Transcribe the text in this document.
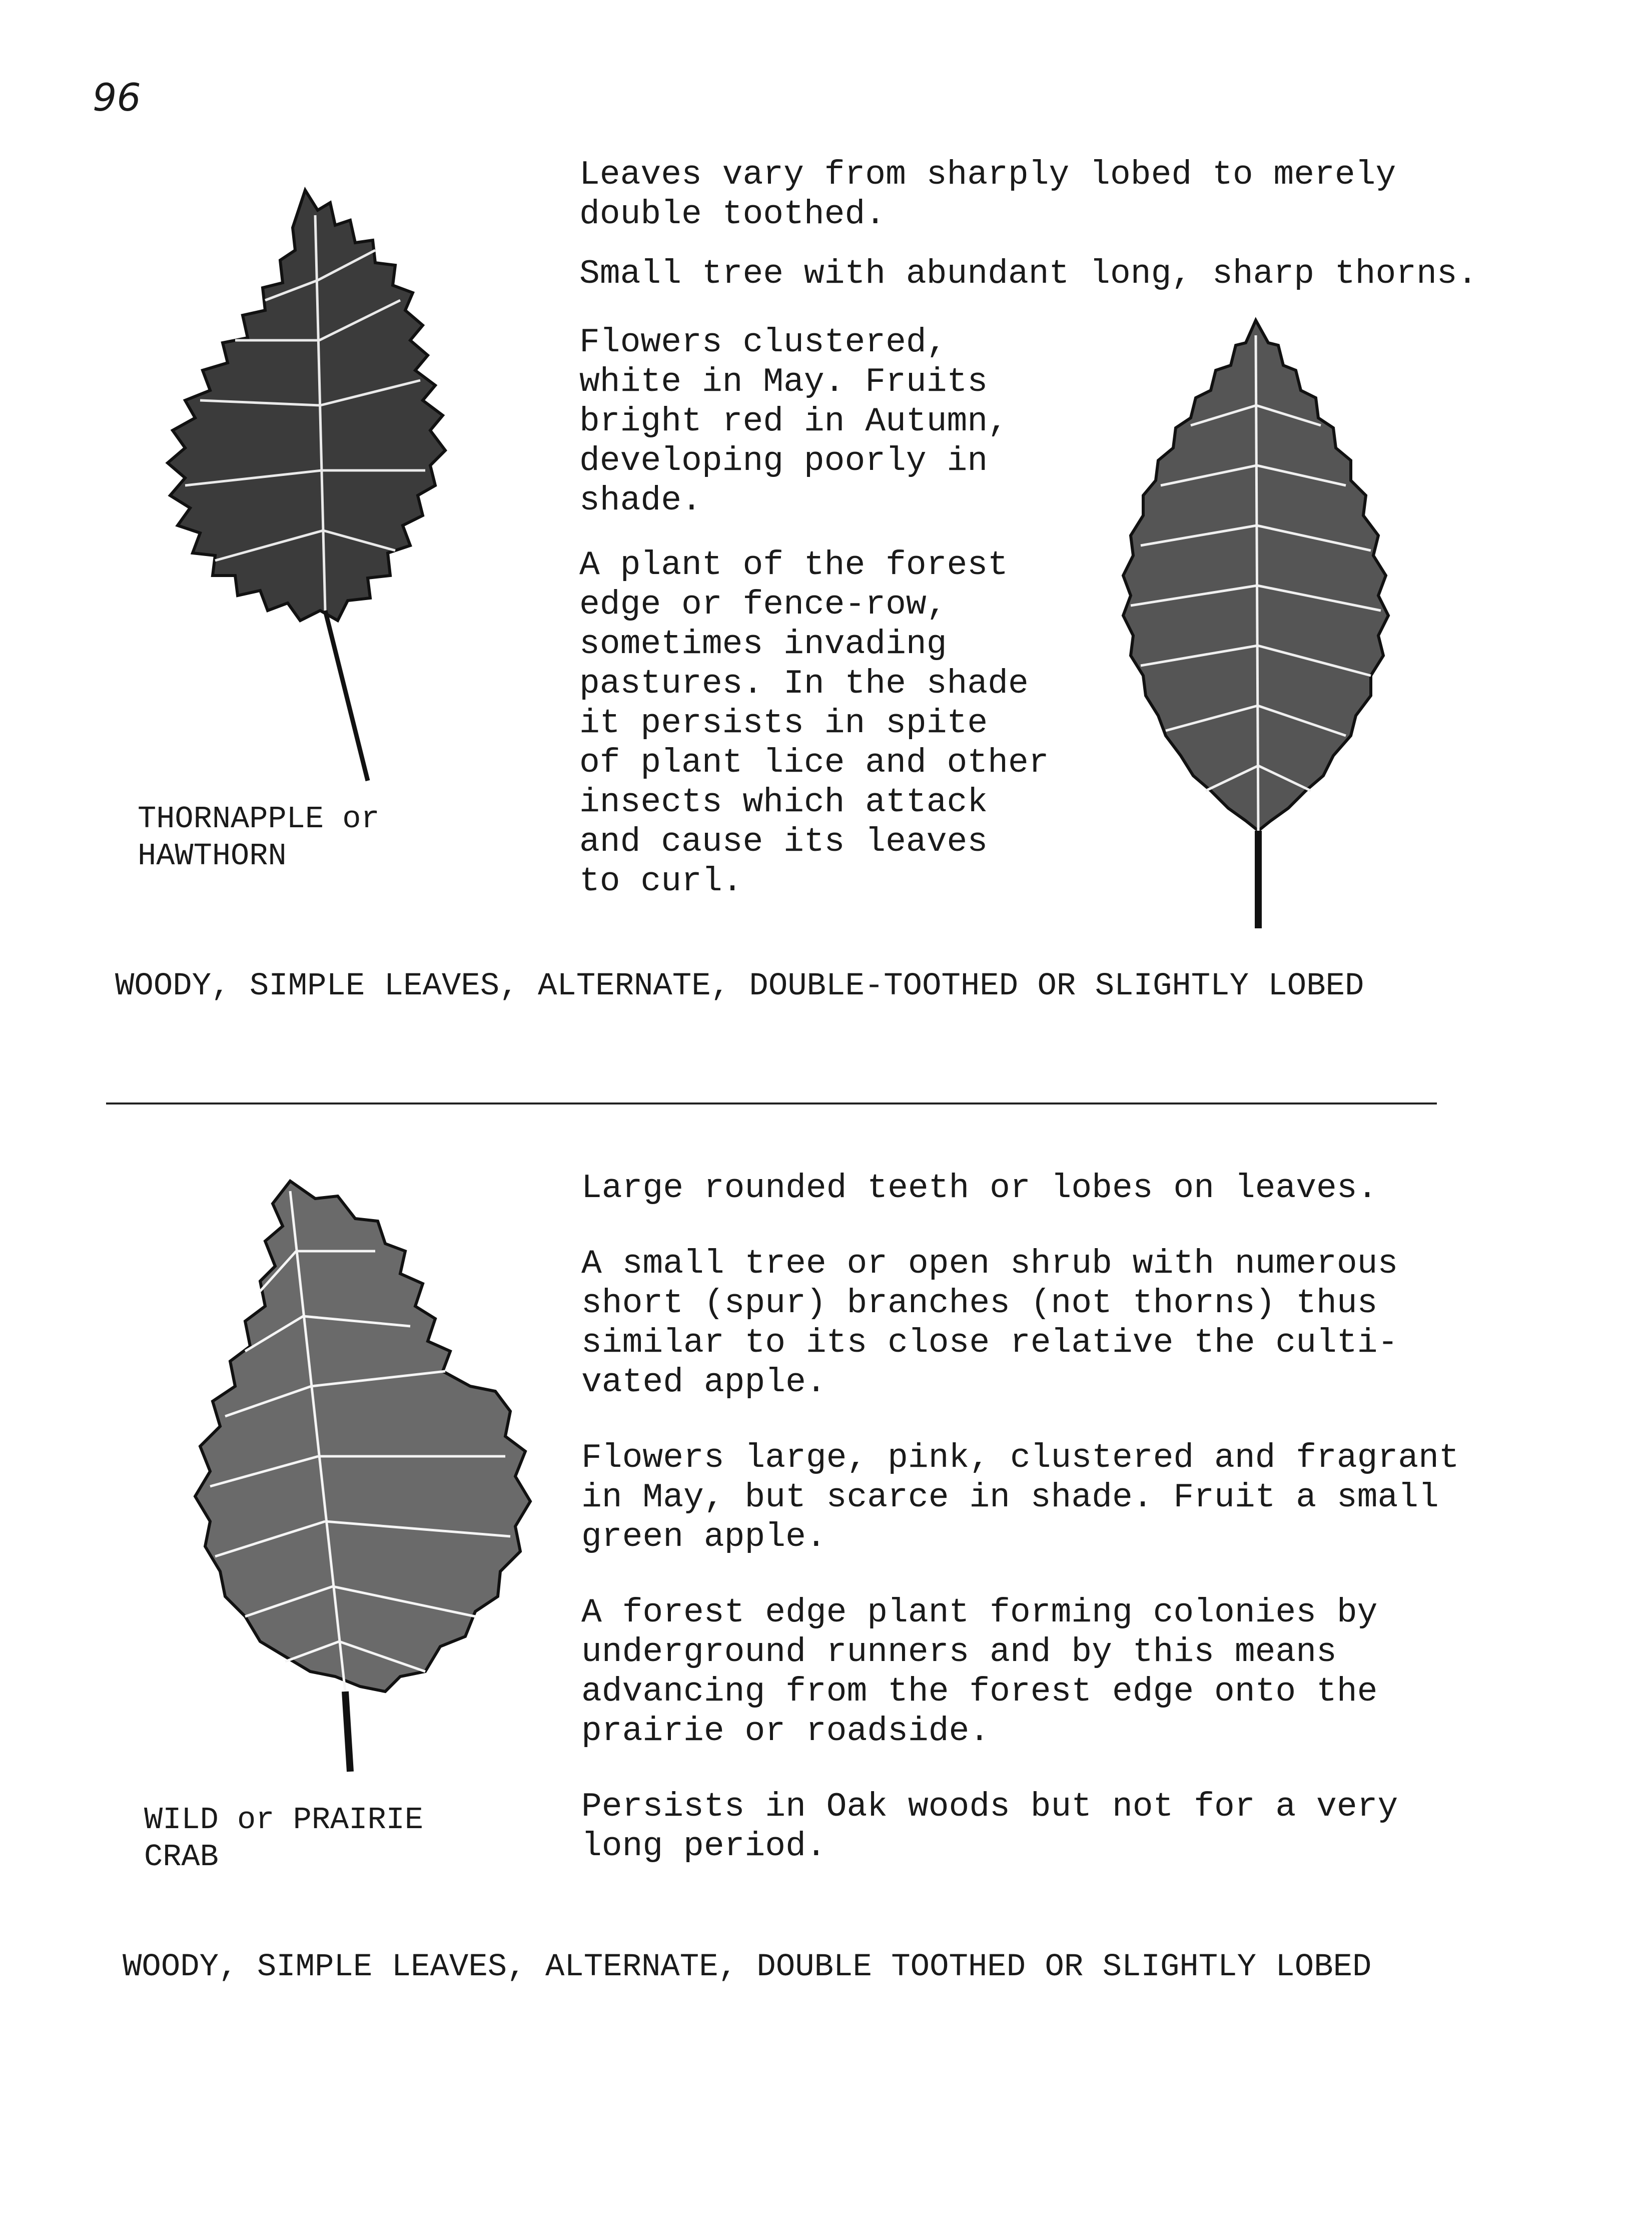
96
THORNAPPLE or
HAWTHORN

Leaves vary from sharply lobed to merely
double toothed.

Small tree with abundant long, sharp thorns.

Flowers clustered,
white in May. Fruits
bright red in Autumn,
developing poorly in
shade.

A plant of the forest
edge or fence-row,
sometimes invading
pastures. In the shade
it persists in spite
of plant lice and other
insects which attack
and cause its leaves
to curl.

WOODY, SIMPLE LEAVES, ALTERNATE, DOUBLE-TOOTHED OR SLIGHTLY LOBED
WILD or PRAIRIE
CRAB

Large rounded teeth or lobes on leaves.

A small tree or open shrub with numerous
short (spur) branches (not thorns) thus
similar to its close relative the culti-
vated apple.

Flowers large, pink, clustered and fragrant
in May, but scarce in shade. Fruit a small
green apple.

A forest edge plant forming colonies by
underground runners and by this means
advancing from the forest edge onto the
prairie or roadside.

Persists in Oak woods but not for a very
long period.

WOODY, SIMPLE LEAVES, ALTERNATE, DOUBLE TOOTHED OR SLIGHTLY LOBED
